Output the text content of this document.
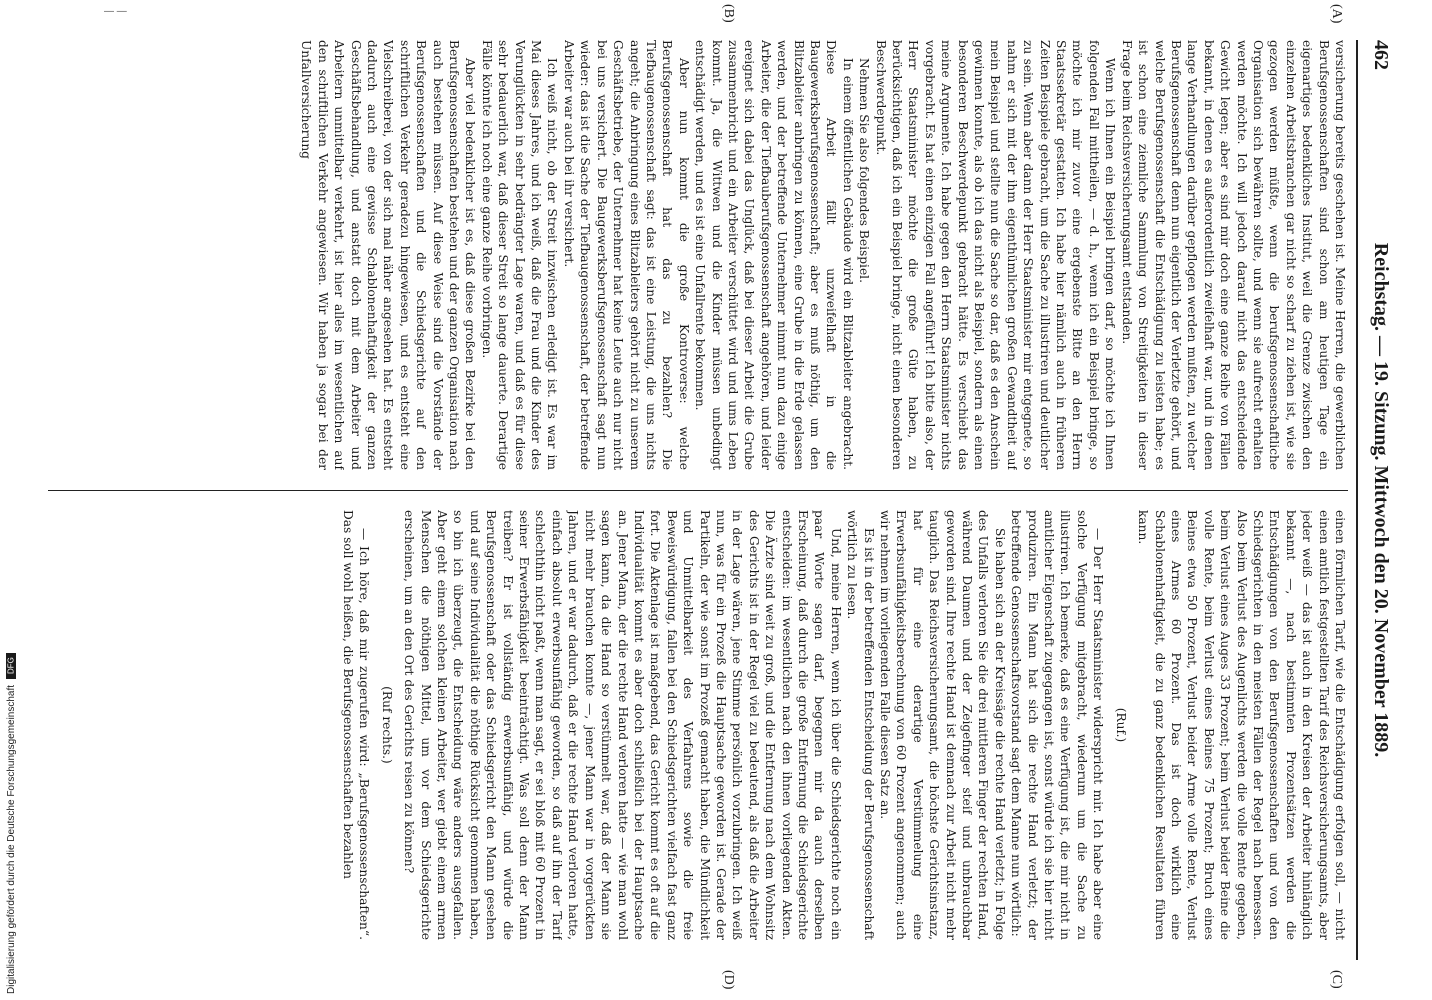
— —
462
Reichstag. — 19. Sitzung. Mittwoch den 20. November 1889.
(A)
(B)
(C)
(D)

versicherung bereits geschehen ist. Meine Herren, die gewerblichen Berufsgenossenschaften sind schon am heutigen Tage ein eigenartiges bedenkliches Institut, weil die Grenze zwischen den einzelnen Arbeitsbranchen gar nicht so scharf zu ziehen ist, wie sie gezogen werden müßte, wenn die berufsgenossenschaftliche Organisation sich bewähren sollte, und wenn sie aufrecht erhalten werden möchte. Ich will jedoch darauf nicht das entscheidende Gewicht legen; aber es sind mir doch eine ganze Reihe von Fällen bekannt, in denen es außerordentlich zweifelhaft war, und in denen lange Verhandlungen darüber gepflogen werden mußten, zu welcher Berufsgenossenschaft denn nun eigentlich der Verletzte gehört, und welche Berufsgenossenschaft die Entschädigung zu leisten habe; es ist schon eine ziemliche Sammlung von Streitigkeiten in dieser Frage beim Reichsversicherungsamt entstanden.

Wenn ich Ihnen ein Beispiel bringen darf, so möchte ich Ihnen folgenden Fall mittheilen, — d. h., wenn ich ein Beispiel bringe, so möchte ich mir zuvor eine ergebenste Bitte an den Herrn Staatssekretär gestatten. Ich habe hier nämlich auch in früheren Zeiten Beispiele gebracht, um die Sache zu illustriren und deutlicher zu sein. Wenn aber dann der Herr Staatsminister mir entgegnete, so nahm er sich mit der ihm eigenthümlichen großen Gewandtheit auf mein Beispiel und stellte nun die Sache so dar, daß es den Anschein gewinnen konnte, als ob ich das nicht als Beispiel, sondern als einen besonderen Beschwerdepunkt gebracht hätte. Es verschiebt das meine Argumente. Ich habe gegen den Herrn Staatsminister nichts vorgebracht. Es hat einen einzigen Fall angeführt! Ich bitte also, der Herr Staatsminister möchte die große Güte haben, zu berücksichtigen, daß ich ein Beispiel bringe, nicht einen besonderen Beschwerdepunkt.

Nehmen Sie also folgendes Beispiel.

In einem öffentlichen Gebäude wird ein Blitzableiter angebracht. Diese Arbeit fällt unzweifelhaft in die Baugewerksberufsgenossenschaft; aber es muß nöthig, um den Blitzableiter anbringen zu können, eine Grube in die Erde gelassen werden, und der betreffende Unternehmer nimmt nun dazu einige Arbeiter, die der Tiefbauberufsgenossenschaft angehören, und leider ereignet sich dabei das Unglück, daß bei dieser Arbeit die Grube zusammenbricht und ein Arbeiter verschüttet wird und ums Leben kommt. Ja, die Wittwen und die Kinder müssen unbedingt entschädigt werden, und es ist eine Unfallrente bekommen.

Aber nun kommt die große Kontroverse: welche Berufsgenossenschaft hat das zu bezahlen? Die Tiefbaugenossenschaft sagt: das ist eine Leistung, die uns nichts angeht; die Anbringung eines Blitzableiters gehört nicht zu unserem Geschäftsbetriebe, der Unternehmer hat keine Leute auch nur nicht bei uns versichert. Die Baugewerksberufsgenossenschaft sagt nun wieder: das ist die Sache der Tiefbaugenossenschaft, der betreffende Arbeiter war auch bei ihr versichert.

Ich weiß nicht, ob der Streit inzwischen erledigt ist. Es war im Mai dieses Jahres, und ich weiß, daß die Frau und die Kinder des Verunglückten in sehr bedrängter Lage waren, und daß es für diese sehr bedauerlich war, daß dieser Streit so lange dauerte. Derartige Fälle könnte ich noch eine ganze Reihe vorbringen.

Aber viel bedenklicher ist es, daß diese großen Bezirke bei den Berufsgenossenschaften bestehen und der ganzen Organisation nach auch bestehen müssen. Auf diese Weise sind die Vorstände der Berufsgenossenschaften und die Schiedsgerichte auf den schriftlichen Verkehr geradezu hingewiesen, und es entsteht eine Vielschreiberei, von der sich mal näher angesehen hat. Es entsteht dadurch auch eine gewisse Schablonenhaftigkeit der ganzen Geschäftsbehandlung, und anstatt doch mit dem Arbeiter und Arbeitern unmittelbar verkehrt, ist hier alles im wesentlichen auf den schriftlichen Verkehr angewiesen. Wir haben ja sogar bei der Unfallversicherung

einen förmlichen Tarif, wie die Entschädigung erfolgen soll, — nicht einen amtlich festgestellten Tarif des Reichsversicherungsamts, aber jeder weiß — das ist auch in den Kreisen der Arbeiter hinlänglich bekannt —, nach bestimmten Prozentsätzen werden die Entschädigungen von den Berufsgenossenschaften und von den Schiedsgerichten in den meisten Fällen der Regel nach bemessen. Also beim Verlust des Augenlichts werden die volle Rente gegeben, beim Verlust eines Auges 33 Prozent; beim Verlust beider Beine die volle Rente, beim Verlust eines Beines 75 Prozent; Bruch eines Beines etwa 50 Prozent, Verlust beider Arme volle Rente, Verlust eines Armes 60 Prozent. Das ist doch wirklich eine Schablonenhaftigkeit, die zu ganz bedenklichen Resultaten führen kann.

(Ruf.)

— Der Herr Staatsminister widerspricht mir. Ich habe aber eine solche Verfügung mitgebracht, wiederum um die Sache zu illustriren. Ich bemerke, daß es eine Verfügung ist, die mir nicht in amtlicher Eigenschaft zugegangen ist, sonst würde ich sie hier nicht produziren. Ein Mann hat sich die rechte Hand verletzt; der betreffende Genossenschaftsvorstand sagt dem Manne nun wörtlich:

Sie haben sich an der Kreissäge die rechte Hand verletzt; in Folge des Unfalls verloren Sie die drei mittleren Finger der rechten Hand, während Daumen und der Zeigefinger steif und unbrauchbar geworden sind. Ihre rechte Hand ist demnach zur Arbeit nicht mehr tauglich. Das Reichsversicherungsamt, die höchste Gerichtsinstanz, hat für eine derartige Verstümmelung eine Erwerbsunfähigkeitsberechnung von 60 Prozent angenommen; auch wir nehmen im vorliegenden Falle diesen Satz an.

Es ist in der betreffenden Entscheidung der Berufsgenossenschaft wörtlich zu lesen.

Und, meine Herren, wenn ich über die Schiedsgerichte noch ein paar Worte sagen darf, begegnen mir da auch derselben Erscheinung, daß durch die große Entfernung die Schiedsgerichte entscheiden: im wesentlichen nach den ihnen vorliegenden Akten. Die Ärzte sind weit zu groß, und die Entfernung nach dem Wohnsitz des Gerichts ist in der Regel viel zu bedeutend, als daß die Arbeiter in der Lage wären, jene Stimme persönlich vorzubringen. Ich weiß nun, was für ein Prozeß die Hauptsache geworden ist. Gerade der Partikeln, der wie sonst im Prozeß gemacht haben, die Mündlichkeit und Unmittelbarkeit des Verfahrens sowie die freie Beweiswürdigung, fallen bei den Schiedsgerichten vielfach fast ganz fort. Die Aktenlage ist maßgebend, das Gericht kommt es oft auf die Individualität kommt es aber doch schließlich bei der Hauptsache an. Jener Mann, der die rechte Hand verloren hatte — wie man wohl sagen kann, da die Hand so verstümmelt war, daß der Mann sie nicht mehr brauchen konnte —, jener Mann war in vorgerückten Jahren, und er war dadurch, daß er die rechte Hand verloren hatte, einfach absolut erwerbsunfähig geworden, so daß auf ihn der Tarif schlechthin nicht paßt, wenn man sagt, er sei bloß mit 60 Prozent in seiner Erwerbsfähigkeit beeinträchtigt. Was soll denn der Mann treiben? Er ist vollständig erwerbsunfähig, und würde die Berufsgenossenschaft oder das Schiedsgericht den Mann gesehen und auf seine Individualität die nöthige Rücksicht genommen haben, so bin ich überzeugt, die Entscheidung wäre anders ausgefallen. Aber geht einem solchen kleinen Arbeiter, wer giebt einem armen Menschen die nöthigen Mittel, um vor dem Schiedsgerichte erscheinen, um an den Ort des Gerichts reisen zu können?

(Ruf rechts.)

— Ich höre, daß mir zugerufen wird: „Berufsgenossenschaften“. Das soll wohl heißen, die Berufsgenossenschaften bezahlen

Digitalisierung gefördert durch die Deutsche Forschungsgemeinschaft
DFG
